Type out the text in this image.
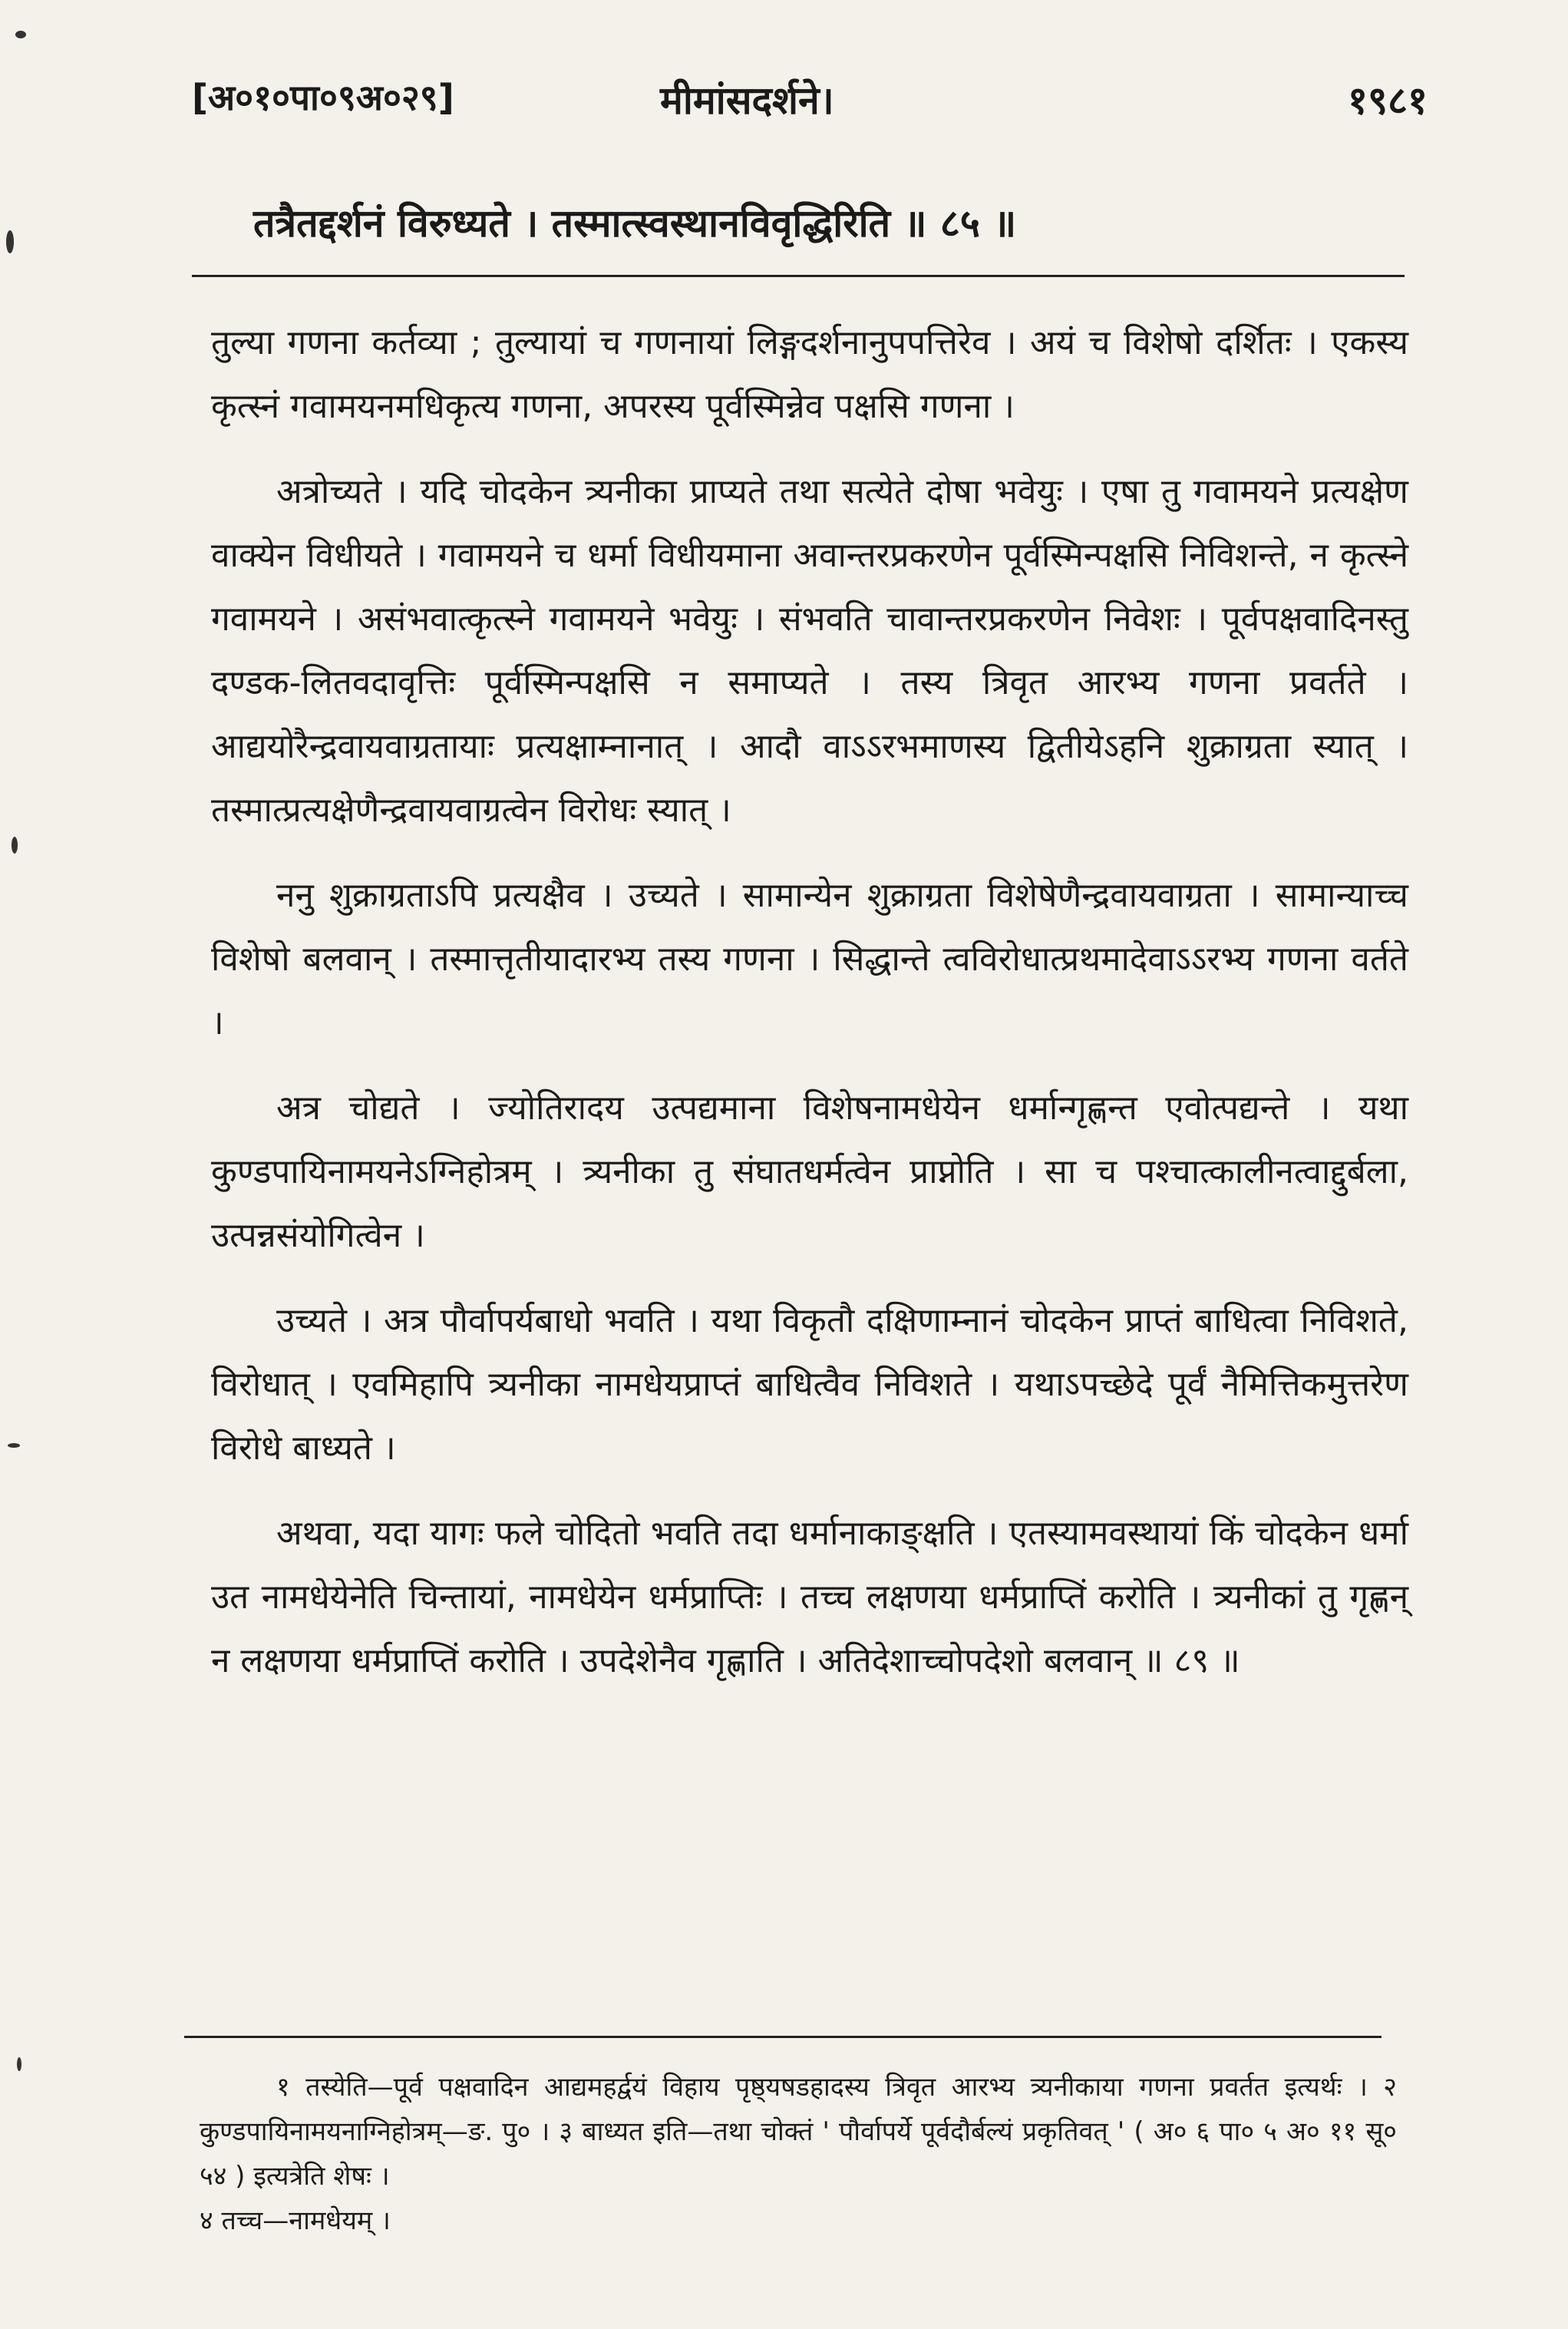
[अ०१०पा०९अ०२९]	मीमांसदर्शने।	१९८१
तत्रैतद्दर्शनं विरुध्यते । तस्मात्स्वस्थानविवृद्धिरिति ॥ ८५ ॥

तुल्या गणना कर्तव्या ; तुल्यायां च गणनायां लिङ्गदर्शनानुपपत्तिरेव । अयं च विशेषो दर्शितः । एकस्य कृत्स्नं गवामयनमधिकृत्य गणना, अपरस्य पूर्वस्मिन्नेव पक्षसि गणना ।

अत्रोच्यते । यदि चोदकेन त्र्यनीका प्राप्यते तथा सत्येते दोषा भवेयुः । एषा तु गवामयने प्रत्यक्षेण वाक्येन विधीयते । गवामयने च धर्मा विधीयमाना अवान्तरप्रकरणेन पूर्वस्मिन्पक्षसि निविशन्ते, न कृत्स्ने गवामयने । असंभवात्कृत्स्ने गवामयने भवेयुः । संभवति चावान्तरप्रकरणेन निवेशः । पूर्वपक्षवादिनस्तु दण्डक-लितवदावृत्तिः पूर्वस्मिन्पक्षसि न समाप्यते । तस्य त्रिवृत आरभ्य गणना प्रवर्तते । आद्ययोरैन्द्रवायवाग्रतायाः प्रत्यक्षाम्नानात् । आदौ वाऽऽरभमाणस्य द्वितीयेऽहनि शुक्राग्रता स्यात् । तस्मात्प्रत्यक्षेणैन्द्रवायवाग्रत्वेन विरोधः स्यात् ।

ननु शुक्राग्रताऽपि प्रत्यक्षैव । उच्यते । सामान्येन शुक्राग्रता विशेषेणैन्द्रवायवाग्रता । सामान्याच्च विशेषो बलवान् । तस्मात्तृतीयादारभ्य तस्य गणना । सिद्धान्ते त्वविरोधात्प्रथमादेवाऽऽरभ्य गणना वर्तते ।

अत्र चोद्यते । ज्योतिरादय उत्पद्यमाना विशेषनामधेयेन धर्मान्गृह्णन्त एवोत्पद्यन्ते । यथा कुण्डपायिनामयनेऽग्निहोत्रम् । त्र्यनीका तु संघातधर्मत्वेन प्राप्नोति । सा च पश्चात्कालीनत्वाद्दुर्बला, उत्पन्नसंयोगित्वेन ।

उच्यते । अत्र पौर्वापर्यबाधो भवति । यथा विकृतौ दक्षिणाम्नानं चोदकेन प्राप्तं बाधित्वा निविशते, विरोधात् । एवमिहापि त्र्यनीका नामधेयप्राप्तं बाधित्वैव निविशते । यथाऽपच्छेदे पूर्वं नैमित्तिकमुत्तरेण विरोधे बाध्यते ।

अथवा, यदा यागः फले चोदितो भवति तदा धर्मानाकाङ्क्षति । एतस्यामवस्थायां किं चोदकेन धर्मा उत नामधेयेनेति चिन्तायां, नामधेयेन धर्मप्राप्तिः । तच्च लक्षणया धर्मप्राप्तिं करोति । त्र्यनीकां तु गृह्णन् न लक्षणया धर्मप्राप्तिं करोति । उपदेशेनैव गृह्णाति । अतिदेशाच्चोपदेशो बलवान् ॥ ८९ ॥

१ तस्येति—पूर्व पक्षवादिन आद्यमहर्द्वयं विहाय पृष्ठ्यषडहादस्य त्रिवृत आरभ्य त्र्यनीकाया गणना प्रवर्तत इत्यर्थः । २ कुण्डपायिनामयनाग्निहोत्रम्—ङ. पु० । ३ बाध्यत इति—तथा चोक्तं ' पौर्वापर्ये पूर्वदौर्बल्यं प्रकृतिवत् ' ( अ० ६ पा० ५ अ० ११ सू० ५४ ) इत्यत्रेति शेषः ।

४ तच्च—नामधेयम् ।
